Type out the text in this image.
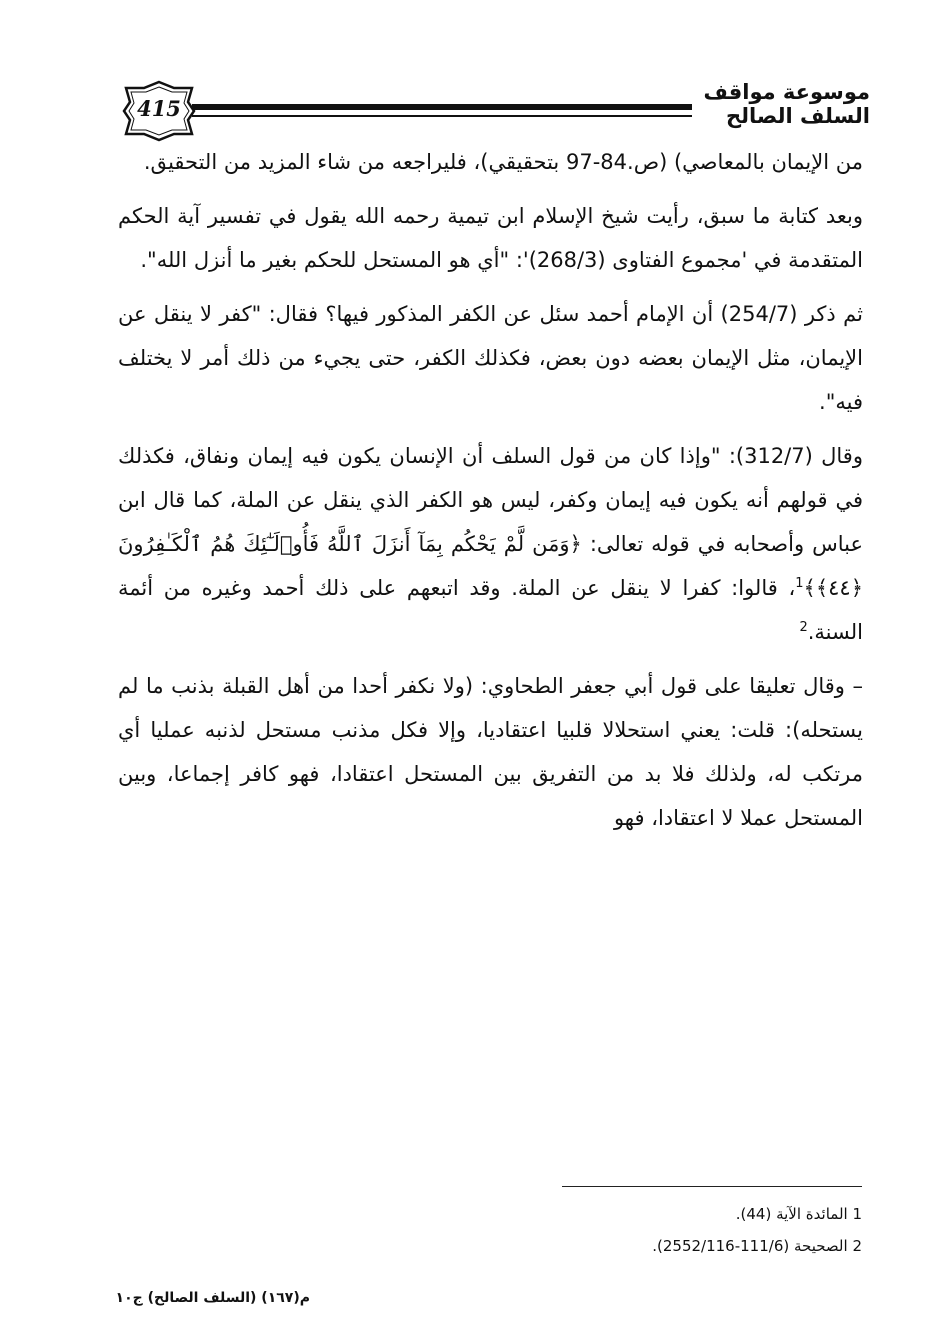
415
موسوعة مواقف السلف الصالح

من الإيمان بالمعاصي) (ص.84-97 بتحقيقي)، فليراجعه من شاء المزيد من التحقيق.

وبعد كتابة ما سبق، رأيت شيخ الإسلام ابن تيمية رحمه الله يقول في تفسير آية الحكم المتقدمة في 'مجموع الفتاوى (268/3)': "أي هو المستحل للحكم بغير ما أنزل الله".

ثم ذكر (254/7) أن الإمام أحمد سئل عن الكفر المذكور فيها؟ فقال: "كفر لا ينقل عن الإيمان، مثل الإيمان بعضه دون بعض، فكذلك الكفر، حتى يجيء من ذلك أمر لا يختلف فيه".

وقال (312/7): "وإذا كان من قول السلف أن الإنسان يكون فيه إيمان ونفاق، فكذلك في قولهم أنه يكون فيه إيمان وكفر، ليس هو الكفر الذي ينقل عن الملة، كما قال ابن عباس وأصحابه في قوله تعالى: ﴿وَمَن لَّمْ يَحْكُم بِمَآ أَنزَلَ ٱللَّهُ فَأُو۟لَـٰٓئِكَ هُمُ ٱلْكَـٰفِرُونَ ﴿٤٤﴾﴾$^1$، قالوا: كفرا لا ينقل عن الملة. وقد اتبعهم على ذلك أحمد وغيره من أئمة السنة.$^2$

– وقال تعليقا على قول أبي جعفر الطحاوي: (ولا نكفر أحدا من أهل القبلة بذنب ما لم يستحله): قلت: يعني استحلالا قلبيا اعتقاديا، وإلا فكل مذنب مستحل لذنبه عمليا أي مرتكب له، ولذلك فلا بد من التفريق بين المستحل اعتقادا، فهو كافر إجماعا، وبين المستحل عملا لا اعتقادا، فهو

1 المائدة الآية (44).
2 الصحيحة (111/6-2552/116).
م(١٦٧) (السلف الصالح) ج١٠
